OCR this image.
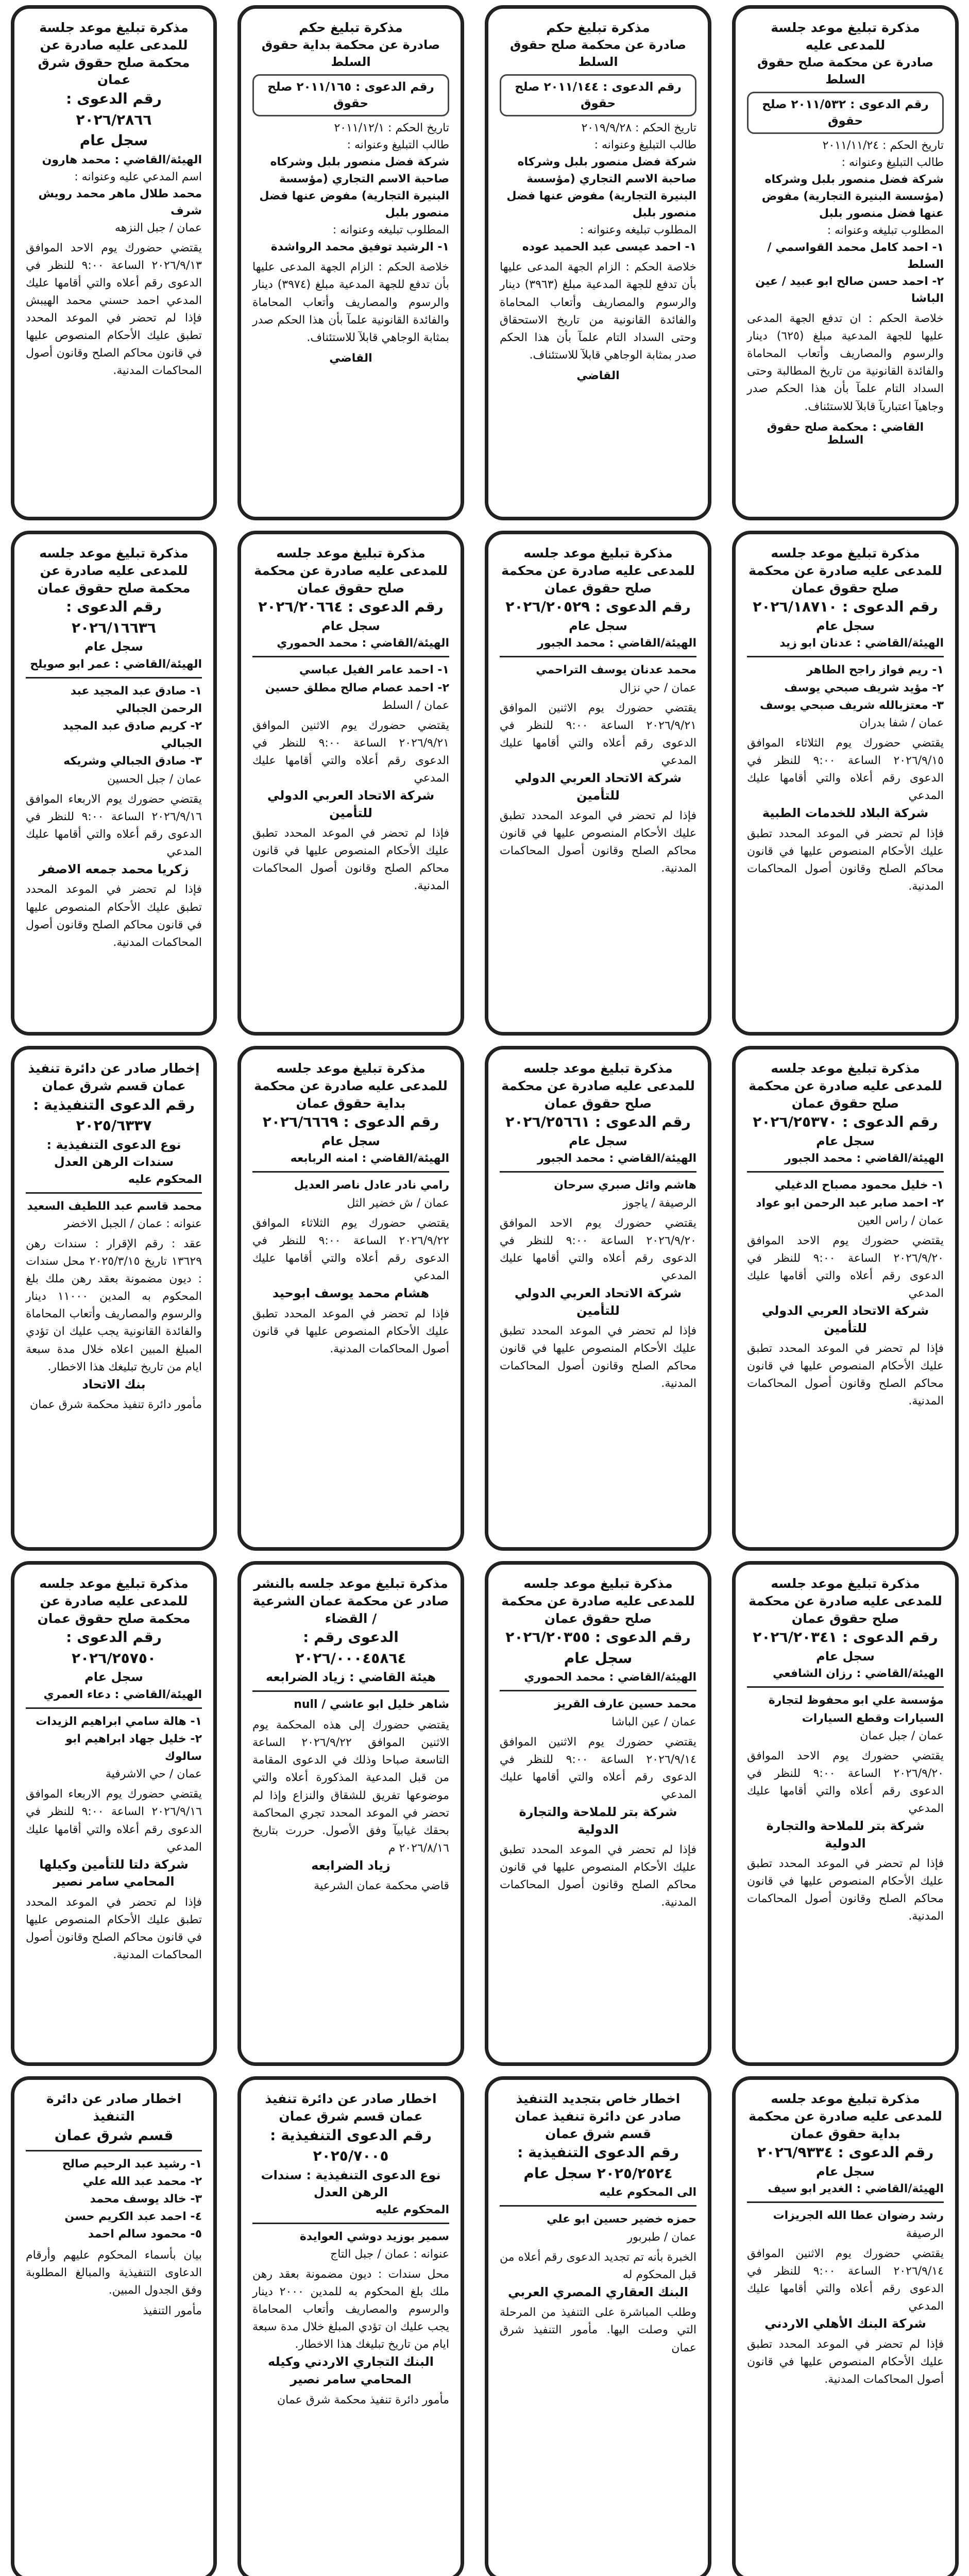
مذكرة تبليغ موعد جلسة للمدعى عليه
صادرة عن محكمة صلح حقوق السلط
رقم الدعوى : ٢٠١١/٥٣٢ صلح حقوق
تاريخ الحكم : ٢٠١١/١١/٢٤
طالب التبليغ وعنوانه :
شركة فضل منصور بلبل وشركاه (مؤسسة البنيرة التجارية) مفوض عنها فضل منصور بلبل
المطلوب تبليغه وعنوانه :
١- احمد كامل محمد القواسمي / السلط
٢- احمد حسن صالح ابو عبيد / عين الباشا
خلاصة الحكم : ان تدفع الجهة المدعى عليها للجهة المدعية مبلغ (٦٢٥) دينار والرسوم والمصاريف وأتعاب المحاماة والفائدة القانونية من تاريخ المطالبة وحتى السداد التام علمآ بأن هذا الحكم صدر وجاهيآ اعتباريآ قابلآ للاستئناف.
القاضي : محكمة صلح حقوق السلط
مذكرة تبليغ حكم
صادرة عن محكمة صلح حقوق السلط
رقم الدعوى : ٢٠١١/١٤٤ صلح حقوق
تاريخ الحكم : ٢٠١٩/٩/٢٨
طالب التبليغ وعنوانه :
شركة فضل منصور بلبل وشركاه صاحبة الاسم التجاري (مؤسسة البنيرة التجارية) مفوض عنها فضل منصور بلبل
المطلوب تبليغه وعنوانه :
١- احمد عيسى عبد الحميد عوده
خلاصة الحكم : الزام الجهة المدعى عليها بأن تدفع للجهة المدعية مبلغ (٣٩٦٣) دينار والرسوم والمصاريف وأتعاب المحاماة والفائدة القانونية من تاريخ الاستحقاق وحتى السداد التام علمآ بأن هذا الحكم صدر بمثابة الوجاهي قابلآ للاستئناف.
القاضي
مذكرة تبليغ حكم
صادرة عن محكمة بداية حقوق السلط
رقم الدعوى : ٢٠١١/١٦٥ صلح حقوق
تاريخ الحكم : ٢٠١١/١٢/١
طالب التبليغ وعنوانه :
شركة فضل منصور بلبل وشركاه صاحبة الاسم التجاري (مؤسسة البنيرة التجارية) مفوض عنها فضل منصور بلبل
المطلوب تبليغه وعنوانه :
١- الرشيد توفيق محمد الرواشدة
خلاصة الحكم : الزام الجهة المدعى عليها بأن تدفع للجهة المدعية مبلغ (٣٩٧٤) دينار والرسوم والمصاريف وأتعاب المحاماة والفائدة القانونية علمآ بأن هذا الحكم صدر بمثابة الوجاهي قابلآ للاستئناف.
القاضي
مذكرة تبليغ موعد جلسة للمدعى عليه صادرة عن محكمة صلح حقوق شرق عمان
رقم الدعوى : ٢٠٢٦/٢٨٦٦
سجل عام
الهيئة/القاضي : محمد هارون
اسم المدعي عليه وعنوانه :
محمد طلال ماهر محمد رويش شرف
عمان / جبل النزهه
يقتضي حضورك يوم الاحد الموافق ٢٠٢٦/٩/١٣ الساعة ٩:٠٠ للنظر في الدعوى رقم أعلاه والتي أقامها عليك المدعي احمد حسني محمد الهيبش فإذا لم تحضر في الموعد المحدد تطبق عليك الأحكام المنصوص عليها في قانون محاكم الصلح وقانون أصول المحاكمات المدنية.
مذكرة تبليغ موعد جلسه للمدعى عليه صادرة عن محكمة صلح حقوق عمان
رقم الدعوى : ٢٠٢٦/١٨٧١٠
سجل عام
الهيئة/القاضي : عدنان ابو زيد
١- ريم فواز راجح الطاهر
٢- مؤيد شريف صبحي يوسف
٣- معتزبالله شريف صبحي يوسف
عمان / شفا بدران
يقتضي حضورك يوم الثلاثاء الموافق ٢٠٢٦/٩/١٥ الساعة ٩:٠٠ للنظر في الدعوى رقم أعلاه والتي أقامها عليك المدعي
شركة البلاد للخدمات الطبية
فإذا لم تحضر في الموعد المحدد تطبق عليك الأحكام المنصوص عليها في قانون محاكم الصلح وقانون أصول المحاكمات المدنية.
مذكرة تبليغ موعد جلسه للمدعى عليه صادرة عن محكمة صلح حقوق عمان
رقم الدعوى : ٢٠٢٦/٢٠٥٢٩
سجل عام
الهيئة/القاضي : محمد الجبور
محمد عدنان يوسف التراحمي
عمان / حي نزال
يقتضي حضورك يوم الاثنين الموافق ٢٠٢٦/٩/٢١ الساعة ٩:٠٠ للنظر في الدعوى رقم أعلاه والتي أقامها عليك المدعي
شركة الاتحاد العربي الدولي للتأمين
فإذا لم تحضر في الموعد المحدد تطبق عليك الأحكام المنصوص عليها في قانون محاكم الصلح وقانون أصول المحاكمات المدنية.
مذكرة تبليغ موعد جلسه للمدعى عليه صادرة عن محكمة صلح حقوق عمان
رقم الدعوى : ٢٠٢٦/٢٠٦٦٤
سجل عام
الهيئة/القاضي : محمد الحموري
١- احمد عامر الفيل عباسي
٢- احمد عصام صالح مطلق حسين
عمان / السلط
يقتضي حضورك يوم الاثنين الموافق ٢٠٢٦/٩/٢١ الساعة ٩:٠٠ للنظر في الدعوى رقم أعلاه والتي أقامها عليك المدعي
شركة الاتحاد العربي الدولي للتأمين
فإذا لم تحضر في الموعد المحدد تطبق عليك الأحكام المنصوص عليها في قانون محاكم الصلح وقانون أصول المحاكمات المدنية.
مذكرة تبليغ موعد جلسه للمدعى عليه صادرة عن محكمة صلح حقوق عمان
رقم الدعوى : ٢٠٢٦/١٦٦٣٦
سجل عام
الهيئة/القاضي : عمر ابو صويلح
١- صادق عبد المجيد عبد الرحمن الجبالي
٢- كريم صادق عبد المجيد الجبالي
٣- صادق الجبالي وشريكه
عمان / جبل الحسين
يقتضي حضورك يوم الاربعاء الموافق ٢٠٢٦/٩/١٦ الساعة ٩:٠٠ للنظر في الدعوى رقم أعلاه والتي أقامها عليك المدعي
زكريا محمد جمعه الاصفر
فإذا لم تحضر في الموعد المحدد تطبق عليك الأحكام المنصوص عليها في قانون محاكم الصلح وقانون أصول المحاكمات المدنية.
مذكرة تبليغ موعد جلسه للمدعى عليه صادرة عن محكمة صلح حقوق عمان
رقم الدعوى : ٢٠٢٦/٢٥٣٧٠
سجل عام
الهيئة/القاضي : محمد الجبور
١- خليل محمود مصباح الدغيلي
٢- احمد صابر عبد الرحمن ابو عواد
عمان / راس العين
يقتضي حضورك يوم الاحد الموافق ٢٠٢٦/٩/٢٠ الساعة ٩:٠٠ للنظر في الدعوى رقم أعلاه والتي أقامها عليك المدعي
شركة الاتحاد العربي الدولي للتأمين
فإذا لم تحضر في الموعد المحدد تطبق عليك الأحكام المنصوص عليها في قانون محاكم الصلح وقانون أصول المحاكمات المدنية.
مذكرة تبليغ موعد جلسه للمدعى عليه صادرة عن محكمة صلح حقوق عمان
رقم الدعوى : ٢٠٢٦/٢٥٦٦١
سجل عام
الهيئة/القاضي : محمد الجبور
هاشم وائل صبري سرحان
الرصيفة / ياجوز
يقتضي حضورك يوم الاحد الموافق ٢٠٢٦/٩/٢٠ الساعة ٩:٠٠ للنظر في الدعوى رقم أعلاه والتي أقامها عليك المدعي
شركة الاتحاد العربي الدولي للتأمين
فإذا لم تحضر في الموعد المحدد تطبق عليك الأحكام المنصوص عليها في قانون محاكم الصلح وقانون أصول المحاكمات المدنية.
مذكرة تبليغ موعد جلسه للمدعى عليه صادرة عن محكمة بداية حقوق عمان
رقم الدعوى : ٢٠٢٦/٦٦٦٩
سجل عام
الهيئة/القاضي : امنه الربابعه
رامي نادر عادل ناصر العديل
عمان / ش خضير الثل
يقتضي حضورك يوم الثلاثاء الموافق ٢٠٢٦/٩/٢٢ الساعة ٩:٠٠ للنظر في الدعوى رقم أعلاه والتي أقامها عليك المدعي
هشام محمد يوسف ابوحيد
فإذا لم تحضر في الموعد المحدد تطبق عليك الأحكام المنصوص عليها في قانون أصول المحاكمات المدنية.
إخطار صادر عن دائرة تنفيذ عمان قسم شرق عمان
رقم الدعوى التنفيذية : ٢٠٢٥/٦٣٣٧
نوع الدعوى التنفيذية : سندات الرهن العدل
المحكوم عليه
محمد قاسم عبد اللطيف السعيد
عنوانه : عمان / الجبل الاخضر
عقد : رقم الإقرار : سندات رهن ١٣٦٢٩ تاريخ ٢٠٢٥/٣/١٥ محل سندات : ديون مضمونة بعقد رهن ملك بلغ المحكوم به المدين ١١٠٠٠ دينار والرسوم والمصاريف وأتعاب المحاماة والفائدة القانونية يجب عليك ان تؤدي المبلغ المبين اعلاه خلال مدة سبعة ايام من تاريخ تبليغك هذا الاخطار.
بنك الاتحاد
مأمور دائرة تنفيذ محكمة شرق عمان
مذكرة تبليغ موعد جلسه للمدعى عليه صادرة عن محكمة صلح حقوق عمان
رقم الدعوى : ٢٠٢٦/٢٠٣٤١
سجل عام
الهيئة/القاضي : رزان الشافعي
مؤسسة علي ابو محفوظ لتجارة السيارات وقطع السيارات
عمان / جبل عمان
يقتضي حضورك يوم الاحد الموافق ٢٠٢٦/٩/٢٠ الساعة ٩:٠٠ للنظر في الدعوى رقم أعلاه والتي أقامها عليك المدعي
شركة بتر للملاحة والتجارة الدولية
فإذا لم تحضر في الموعد المحدد تطبق عليك الأحكام المنصوص عليها في قانون محاكم الصلح وقانون أصول المحاكمات المدنية.
مذكرة تبليغ موعد جلسه للمدعى عليه صادرة عن محكمة صلح حقوق عمان
رقم الدعوى : ٢٠٢٦/٢٠٣٥٥ سجل عام
الهيئة/القاضي : محمد الحموري
محمد حسين عارف القريز
عمان / عين الباشا
يقتضي حضورك يوم الاثنين الموافق ٢٠٢٦/٩/١٤ الساعة ٩:٠٠ للنظر في الدعوى رقم أعلاه والتي أقامها عليك المدعي
شركة بتر للملاحة والتجارة الدولية
فإذا لم تحضر في الموعد المحدد تطبق عليك الأحكام المنصوص عليها في قانون محاكم الصلح وقانون أصول المحاكمات المدنية.
مذكرة تبليغ موعد جلسه بالنشر صادر عن محكمة عمان الشرعية / القضاء
الدعوى رقم : ٢٠٢٦/٠٠٠٤٥٨٦٤
هيئة القاضي : زياد الضرابعه
شاهر خليل ابو عاشي / null
يقتضي حضورك إلى هذه المحكمة يوم الاثنين الموافق ٢٠٢٦/٩/٢٢ الساعة التاسعة صباحا وذلك في الدعوى المقامة من قبل المدعية المذكورة أعلاه والتي موضوعها تفريق للشقاق والنزاع وإذا لم تحضر في الموعد المحدد تجري المحاكمة بحقك غيابيآ وفق الأصول. حررت بتاريخ ٢٠٢٦/٨/١٦ م
زياد الضرابعه
قاضي محكمة عمان الشرعية
مذكرة تبليغ موعد جلسه للمدعى عليه صادرة عن محكمة صلح حقوق عمان
رقم الدعوى : ٢٠٢٦/٢٥٧٥٠
سجل عام
الهيئة/القاضي : دعاء العمري
١- هالة سامي ابراهيم الزيدات
٢- خليل جهاد ابراهيم ابو سالوك
عمان / حي الاشرفية
يقتضي حضورك يوم الاربعاء الموافق ٢٠٢٦/٩/١٦ الساعة ٩:٠٠ للنظر في الدعوى رقم أعلاه والتي أقامها عليك المدعي
شركة دلتا للتأمين وكيلها المحامي سامر نصير
فإذا لم تحضر في الموعد المحدد تطبق عليك الأحكام المنصوص عليها في قانون محاكم الصلح وقانون أصول المحاكمات المدنية.
مذكرة تبليغ موعد جلسه للمدعى عليه صادرة عن محكمة بداية حقوق عمان
رقم الدعوى : ٢٠٢٦/٩٣٣٤
سجل عام
الهيئة/القاضي : الغدير ابو سيف
رشد رضوان عطا الله الجريزات
الرصيفة
يقتضي حضورك يوم الاثنين الموافق ٢٠٢٦/٩/١٤ الساعة ٩:٠٠ للنظر في الدعوى رقم أعلاه والتي أقامها عليك المدعي
شركة البنك الأهلي الاردني
فإذا لم تحضر في الموعد المحدد تطبق عليك الأحكام المنصوص عليها في قانون أصول المحاكمات المدنية.
اخطار خاص بتجديد التنفيذ صادر عن دائرة تنفيذ عمان قسم شرق عمان
رقم الدعوى التنفيذية : ٢٠٢٥/٢٥٢٤ سجل عام
الى المحكوم عليه
حمزه خضير حسين ابو علي
عمان / طبربور
الخبرة بأنه تم تجديد الدعوى رقم أعلاه من قبل المحكوم له
البنك العقاري المصري العربي
وطلب المباشرة على التنفيذ من المرحلة التي وصلت اليها. مأمور التنفيذ شرق عمان
اخطار صادر عن دائرة تنفيذ عمان قسم شرق عمان
رقم الدعوى التنفيذية : ٢٠٢٥/٧٠٠٥
نوع الدعوى التنفيذية : سندات الرهن العدل
المحكوم عليه
سمير بوزيد دوشي العوايدة
عنوانه : عمان / جبل التاج
محل سندات : ديون مضمونة بعقد رهن ملك بلغ المحكوم به للمدين ٢٠٠٠ دينار والرسوم والمصاريف وأتعاب المحاماة يجب عليك ان تؤدي المبلغ خلال مدة سبعة ايام من تاريخ تبليغك هذا الاخطار.
البنك التجاري الاردني وكيله المحامي سامر نصير
مأمور دائرة تنفيذ محكمة شرق عمان
اخطار صادر عن دائرة التنفيذ
قسم شرق عمان
١- رشيد عبد الرحيم صالح
٢- محمد عبد الله علي
٣- خالد يوسف محمد
٤- احمد عبد الكريم حسن
٥- محمود سالم احمد
بيان بأسماء المحكوم عليهم وأرقام الدعاوى التنفيذية والمبالغ المطلوبة وفق الجدول المبين.
مأمور التنفيذ
